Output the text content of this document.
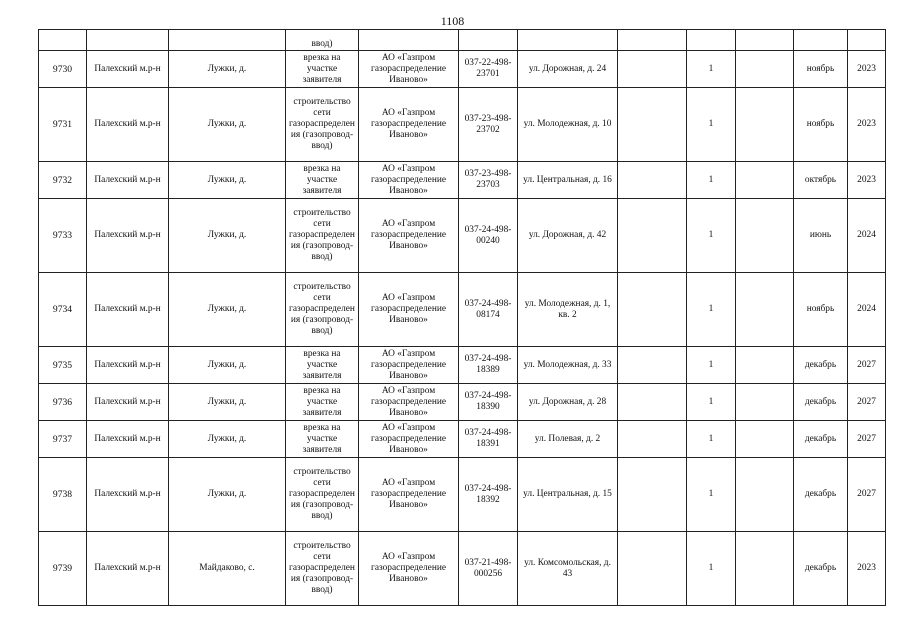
1108
			ввод)								
9730	Палехский м.р-н	Лужки, д.	врезка на участке заявителя	АО «Газпром газораспределение Иваново»	037-22-498-23701	ул. Дорожная, д. 24		1		ноябрь	2023
9731	Палехский м.р-н	Лужки, д.	строительство сети газораспределения (газопровод-ввод)	АО «Газпром газораспределение Иваново»	037-23-498-23702	ул. Молодежная, д. 10		1		ноябрь	2023
9732	Палехский м.р-н	Лужки, д.	врезка на участке заявителя	АО «Газпром газораспределение Иваново»	037-23-498-23703	ул. Центральная, д. 16		1		октябрь	2023
9733	Палехский м.р-н	Лужки, д.	строительство сети газораспределения (газопровод-ввод)	АО «Газпром газораспределение Иваново»	037-24-498-00240	ул. Дорожная, д. 42		1		июнь	2024
9734	Палехский м.р-н	Лужки, д.	строительство сети газораспределения (газопровод-ввод)	АО «Газпром газораспределение Иваново»	037-24-498-08174	ул. Молодежная, д. 1, кв. 2		1		ноябрь	2024
9735	Палехский м.р-н	Лужки, д.	врезка на участке заявителя	АО «Газпром газораспределение Иваново»	037-24-498-18389	ул. Молодежная, д. 33		1		декабрь	2027
9736	Палехский м.р-н	Лужки, д.	врезка на участке заявителя	АО «Газпром газораспределение Иваново»	037-24-498-18390	ул. Дорожная, д. 28		1		декабрь	2027
9737	Палехский м.р-н	Лужки, д.	врезка на участке заявителя	АО «Газпром газораспределение Иваново»	037-24-498-18391	ул. Полевая, д. 2		1		декабрь	2027
9738	Палехский м.р-н	Лужки, д.	строительство сети газораспределения (газопровод-ввод)	АО «Газпром газораспределение Иваново»	037-24-498-18392	ул. Центральная, д. 15		1		декабрь	2027
9739	Палехский м.р-н	Майдаково, с.	строительство сети газораспределения (газопровод-ввод)	АО «Газпром газораспределение Иваново»	037-21-498-000256	ул. Комсомольская, д. 43		1		декабрь	2023
